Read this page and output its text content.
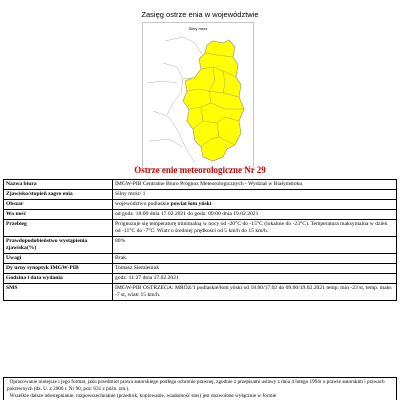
Zasięg ostrze enia w województwie
Silny mróz
Ostrze enie meteorologiczne Nr 29
Nazwa biura	IMGW-PIB Centralne Biuro Prognoz Meteorologicznych - Wydział w Białymstoku
Zjawisko/stopień zagro enia	Silny mróz/ 1
Obszar	województwo podlaskie powiat łom yński
Wa ność	od godz. 18:00 dnia 17.02.2021 do godz. 09:00 dnia 19.02.2021
Przebieg	Prognozuje się temperaturę minimalną w nocy od -20°C do -15°C (lokalnie do -23°C). Temperatura maksymalna w dzień od -11°C do -7°C. Wiatr o średniej prędkości od 5 km/h do 15 km/h.
Prawdopodobieństwo wystąpienia zjawiska(%)	80%
Uwagi	Brak.
Dy urny synoptyk IMGW-PIB	Tomasz Siemieniuk
Godzina i data wydania	godz. 11:27 dnia 17.02.2021
SMS	IMGW-PIB OSTRZEGA: MRÓZ/1 podlaskie/łom yński od 18.00/17.02 do 09.00/19.02.2021 temp. min -23 st, temp. maks -7 st, wiatr 15 km/h.

Opracowanie niniejsze i jego format, jako przedmiot prawa autorskiego podlega ochronie prawnej, zgodnie z przepisami ustawy z dnia 4 lutego 1994r o prawie autorskim i prawach pokrewnych (dz. U. z 2006 r. Nr 90, poz. 631 z późn. zm.).

Wszelkie dalsze udostępnianie, rozpowszechnianie (przedruk, kopiowanie, wiadomość sms) jest dozwolone wyłącznie w formie
